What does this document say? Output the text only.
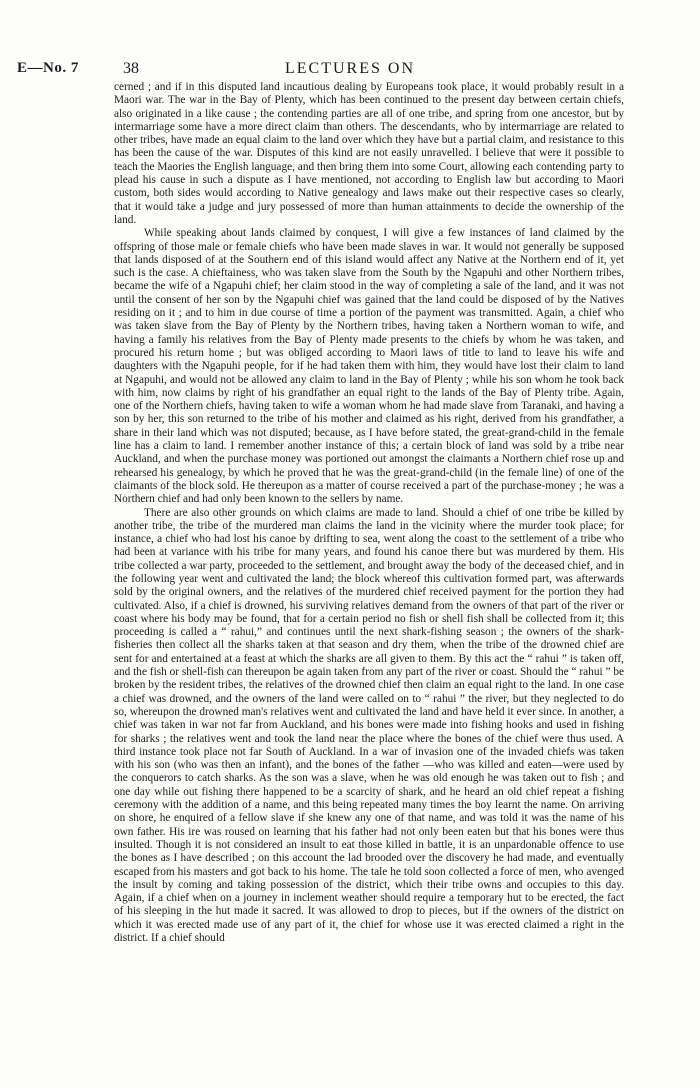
E—No. 7	38	LECTURES ON

cerned ; and if in this disputed land incautious dealing by Europeans took place, it would probably result in a Maori war. The war in the Bay of Plenty, which has been continued to the present day between certain chiefs, also originated in a like cause ; the contending parties are all of one tribe, and spring from one ancestor, but by intermarriage some have a more direct claim than others. The descendants, who by intermarriage are related to other tribes, have made an equal claim to the land over which they have but a partial claim, and resistance to this has been the cause of the war. Disputes of this kind are not easily unravelled. I believe that were it possible to teach the Maories the English language, and then bring them into some Court, allowing each contending party to plead his cause in such a dispute as I have mentioned, not according to English law but according to Maori custom, both sides would according to Native genealogy and laws make out their respective cases so clearly, that it would take a judge and jury possessed of more than human attainments to decide the ownership of the land.

While speaking about lands claimed by conquest, I will give a few instances of land claimed by the offspring of those male or female chiefs who have been made slaves in war. It would not generally be supposed that lands disposed of at the Southern end of this island would affect any Native at the Northern end of it, yet such is the case. A chieftainess, who was taken slave from the South by the Ngapuhi and other Northern tribes, became the wife of a Ngapuhi chief; her claim stood in the way of completing a sale of the land, and it was not until the consent of her son by the Ngapuhi chief was gained that the land could be disposed of by the Natives residing on it ; and to him in due course of time a portion of the payment was transmitted. Again, a chief who was taken slave from the Bay of Plenty by the Northern tribes, having taken a Northern woman to wife, and having a family his relatives from the Bay of Plenty made presents to the chiefs by whom he was taken, and procured his return home ; but was obliged according to Maori laws of title to land to leave his wife and daughters with the Ngapuhi people, for if he had taken them with him, they would have lost their claim to land at Ngapuhi, and would not be allowed any claim to land in the Bay of Plenty ; while his son whom he took back with him, now claims by right of his grandfather an equal right to the lands of the Bay of Plenty tribe. Again, one of the Northern chiefs, having taken to wife a woman whom he had made slave from Taranaki, and having a son by her, this son returned to the tribe of his mother and claimed as his right, derived from his grandfather, a share in their land which was not disputed; because, as I have before stated, the great-grand-child in the female line has a claim to land. I remember another instance of this; a certain block of land was sold by a tribe near Auckland, and when the purchase money was portioned out amongst the claimants a Northern chief rose up and rehearsed his genealogy, by which he proved that he was the great-grand-child (in the female line) of one of the claimants of the block sold. He thereupon as a matter of course received a part of the purchase-money ; he was a Northern chief and had only been known to the sellers by name.

There are also other grounds on which claims are made to land. Should a chief of one tribe be killed by another tribe, the tribe of the murdered man claims the land in the vicinity where the murder took place; for instance, a chief who had lost his canoe by drifting to sea, went along the coast to the settlement of a tribe who had been at variance with his tribe for many years, and found his canoe there but was murdered by them. His tribe collected a war party, proceeded to the settlement, and brought away the body of the deceased chief, and in the following year went and cultivated the land; the block whereof this cultivation formed part, was afterwards sold by the original owners, and the relatives of the murdered chief received payment for the portion they had cultivated. Also, if a chief is drowned, his surviving relatives demand from the owners of that part of the river or coast where his body may be found, that for a certain period no fish or shell fish shall be collected from it; this proceeding is called a “ rahui,” and continues until the next shark-fishing season ; the owners of the shark-fisheries then collect all the sharks taken at that season and dry them, when the tribe of the drowned chief are sent for and entertained at a feast at which the sharks are all given to them. By this act the “ rahui ” is taken off, and the fish or shell-fish can thereupon be again taken from any part of the river or coast. Should the “ rahui ” be broken by the resident tribes, the relatives of the drowned chief then claim an equal right to the land. In one case a chief was drowned, and the owners of the land were called on to “ rahui ” the river, but they neglected to do so, whereupon the drowned man's relatives went and cultivated the land and have held it ever since. In another, a chief was taken in war not far from Auckland, and his bones were made into fishing hooks and used in fishing for sharks ; the relatives went and took the land near the place where the bones of the chief were thus used. A third instance took place not far South of Auckland. In a war of invasion one of the invaded chiefs was taken with his son (who was then an infant), and the bones of the father —who was killed and eaten—were used by the conquerors to catch sharks. As the son was a slave, when he was old enough he was taken out to fish ; and one day while out fishing there happened to be a scarcity of shark, and he heard an old chief repeat a fishing ceremony with the addition of a name, and this being repeated many times the boy learnt the name. On arriving on shore, he enquired of a fellow slave if she knew any one of that name, and was told it was the name of his own father. His ire was roused on learning that his father had not only been eaten but that his bones were thus insulted. Though it is not considered an insult to eat those killed in battle, it is an unpardonable offence to use the bones as I have described ; on this account the lad brooded over the discovery he had made, and eventually escaped from his masters and got back to his home. The tale he told soon collected a force of men, who avenged the insult by coming and taking possession of the district, which their tribe owns and occupies to this day. Again, if a chief when on a journey in inclement weather should require a temporary hut to be erected, the fact of his sleeping in the hut made it sacred. It was allowed to drop to pieces, but if the owners of the district on which it was erected made use of any part of it, the chief for whose use it was erected claimed a right in the district. If a chief should
